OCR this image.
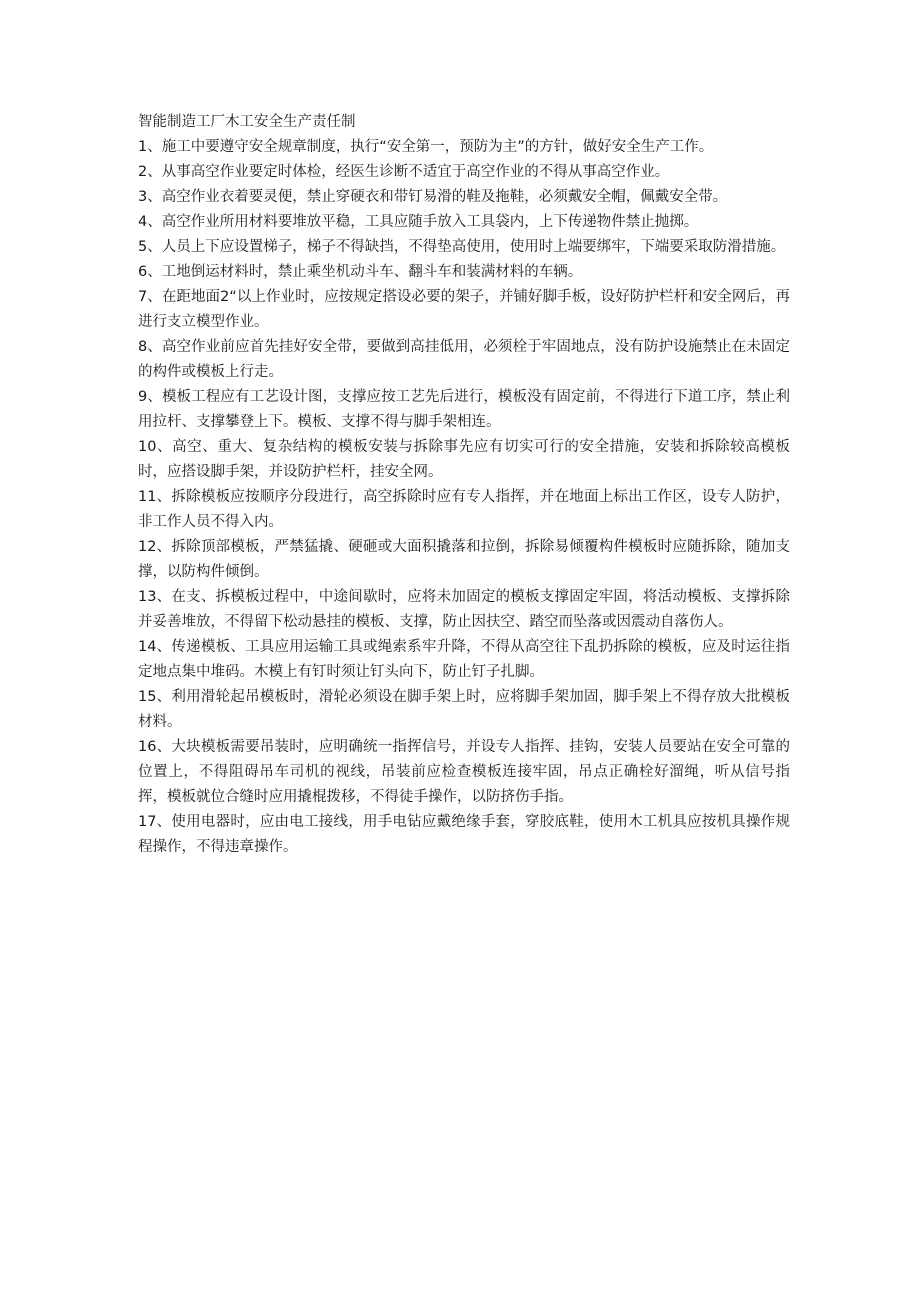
智能制造工厂木工安全生产责任制

1、施工中要遵守安全规章制度，执行“安全第一，预防为主”的方针，做好安全生产工作。

2、从事高空作业要定时体检，经医生诊断不适宜于高空作业的不得从事高空作业。

3、高空作业衣着要灵便，禁止穿硬衣和带钉易滑的鞋及拖鞋，必须戴安全帽，佩戴安全带。

4、高空作业所用材料要堆放平稳，工具应随手放入工具袋内，上下传递物件禁止抛掷。

5、人员上下应设置梯子，梯子不得缺挡，不得垫高使用，使用时上端要绑牢，下端要采取防滑措施。

6、工地倒运材料时，禁止乘坐机动斗车、翻斗车和装满材料的车辆。

7、在距地面2“以上作业时，应按规定搭设必要的架子，并铺好脚手板，设好防护栏杆和安全网后，再进行支立模型作业。

8、高空作业前应首先挂好安全带，要做到高挂低用，必须栓于牢固地点，没有防护设施禁止在未固定的构件或模板上行走。

9、模板工程应有工艺设计图，支撑应按工艺先后进行，模板没有固定前，不得进行下道工序，禁止利用拉杆、支撑攀登上下。模板、支撑不得与脚手架相连。

10、高空、重大、复杂结构的模板安装与拆除事先应有切实可行的安全措施，安装和拆除较高模板时，应搭设脚手架，并设防护栏杆，挂安全网。

11、拆除模板应按顺序分段进行，高空拆除时应有专人指挥，并在地面上标出工作区，设专人防护，非工作人员不得入内。

12、拆除顶部模板，严禁猛撬、硬砸或大面积撬落和拉倒，拆除易倾覆构件模板时应随拆除，随加支撑，以防构件倾倒。

13、在支、拆模板过程中，中途间歇时，应将未加固定的模板支撑固定牢固，将活动模板、支撑拆除并妥善堆放，不得留下松动悬挂的模板、支撑，防止因扶空、踏空而坠落或因震动自落伤人。

14、传递模板、工具应用运输工具或绳索系牢升降，不得从高空往下乱扔拆除的模板，应及时运往指定地点集中堆码。木模上有钉时须让钉头向下，防止钉子扎脚。

15、利用滑轮起吊模板时，滑轮必须设在脚手架上时，应将脚手架加固，脚手架上不得存放大批模板材料。

16、大块模板需要吊装时，应明确统一指挥信号，并设专人指挥、挂钩，安装人员要站在安全可靠的位置上，不得阻碍吊车司机的视线，吊装前应检查模板连接牢固，吊点正确栓好溜绳，听从信号指挥，模板就位合缝时应用撬棍拨移，不得徒手操作，以防挤伤手指。

17、使用电器时，应由电工接线，用手电钻应戴绝缘手套，穿胶底鞋，使用木工机具应按机具操作规程操作，不得违章操作。
